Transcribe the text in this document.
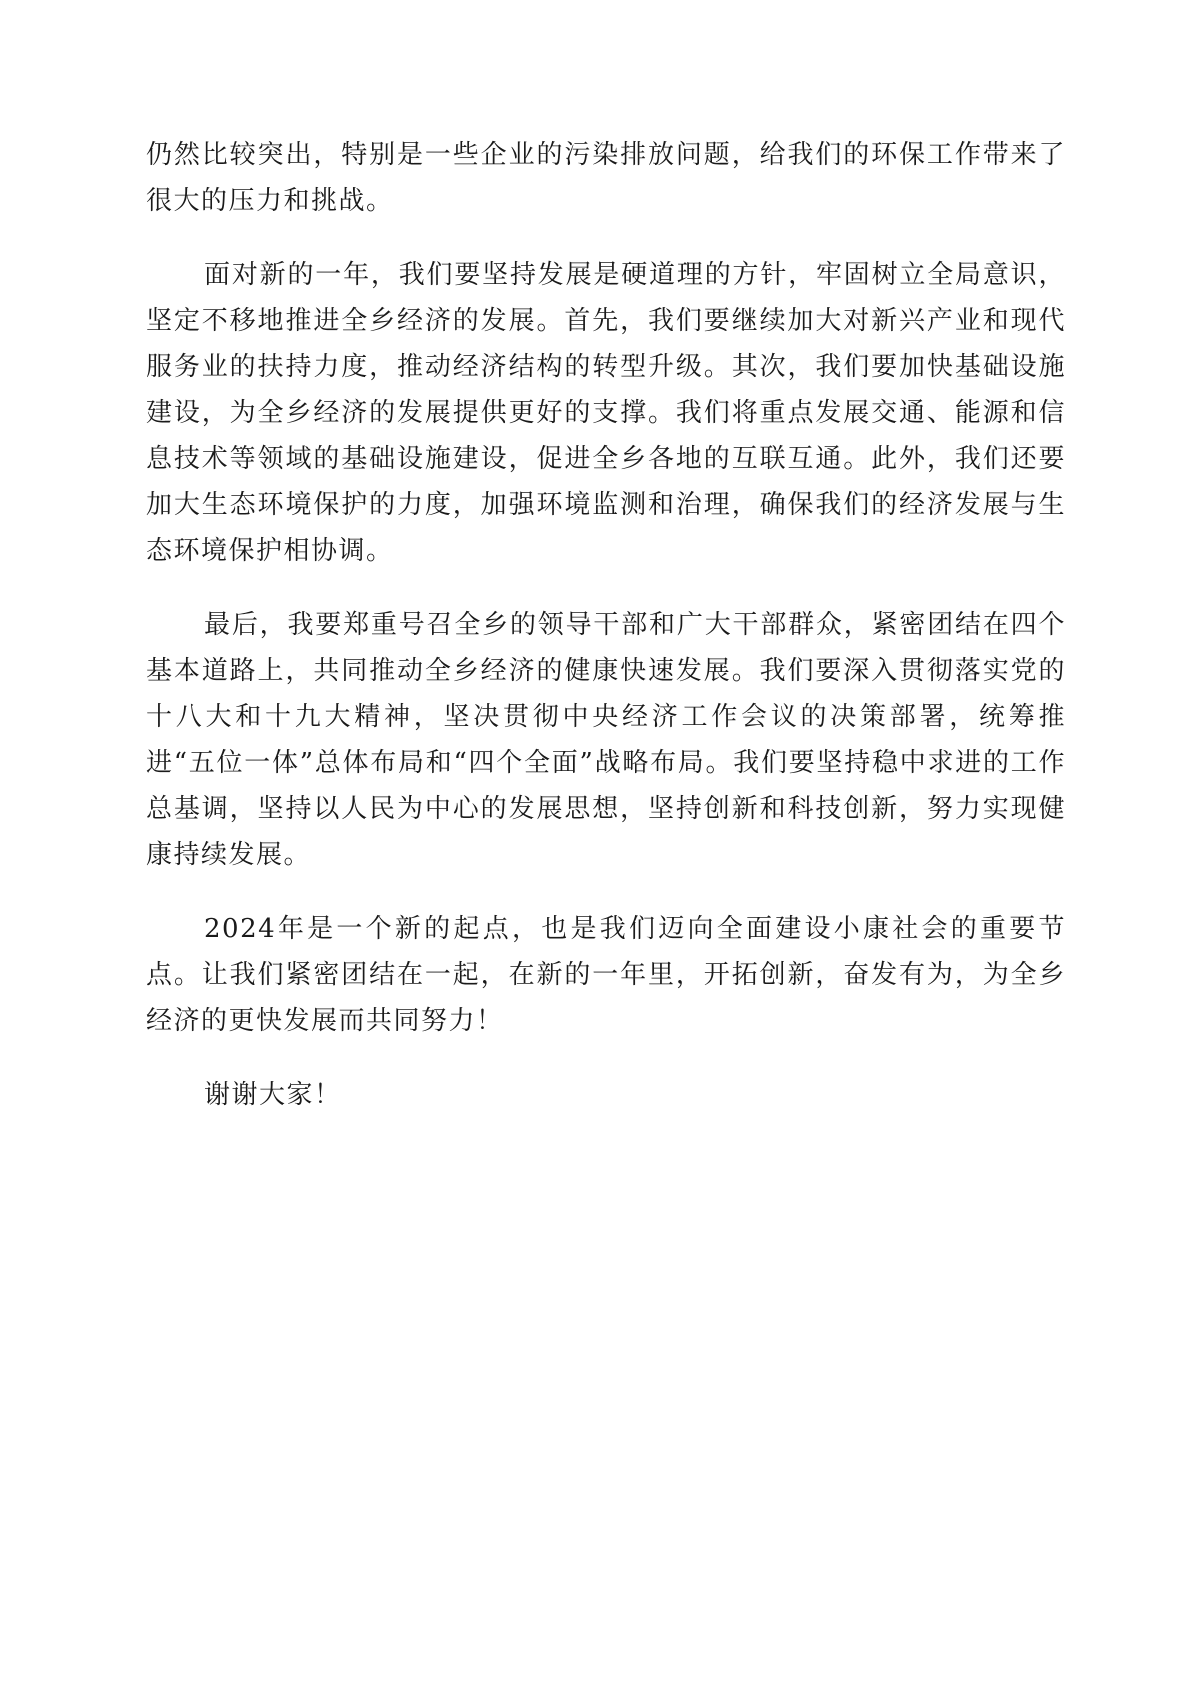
仍然比较突出，特别是一些企业的污染排放问题，给我们的环保工作带来了很大的压力和挑战。

面对新的一年，我们要坚持发展是硬道理的方针，牢固树立全局意识，坚定不移地推进全乡经济的发展。首先，我们要继续加大对新兴产业和现代服务业的扶持力度，推动经济结构的转型升级。其次，我们要加快基础设施建设，为全乡经济的发展提供更好的支撑。我们将重点发展交通、能源和信息技术等领域的基础设施建设，促进全乡各地的互联互通。此外，我们还要加大生态环境保护的力度，加强环境监测和治理，确保我们的经济发展与生态环境保护相协调。

最后，我要郑重号召全乡的领导干部和广大干部群众，紧密团结在四个基本道路上，共同推动全乡经济的健康快速发展。我们要深入贯彻落实党的十八大和十九大精神，坚决贯彻中央经济工作会议的决策部署，统筹推进“五位一体”总体布局和“四个全面”战略布局。我们要坚持稳中求进的工作总基调，坚持以人民为中心的发展思想，坚持创新和科技创新，努力实现健康持续发展。

2024年是一个新的起点，也是我们迈向全面建设小康社会的重要节点。让我们紧密团结在一起，在新的一年里，开拓创新，奋发有为，为全乡经济的更快发展而共同努力！

谢谢大家！
